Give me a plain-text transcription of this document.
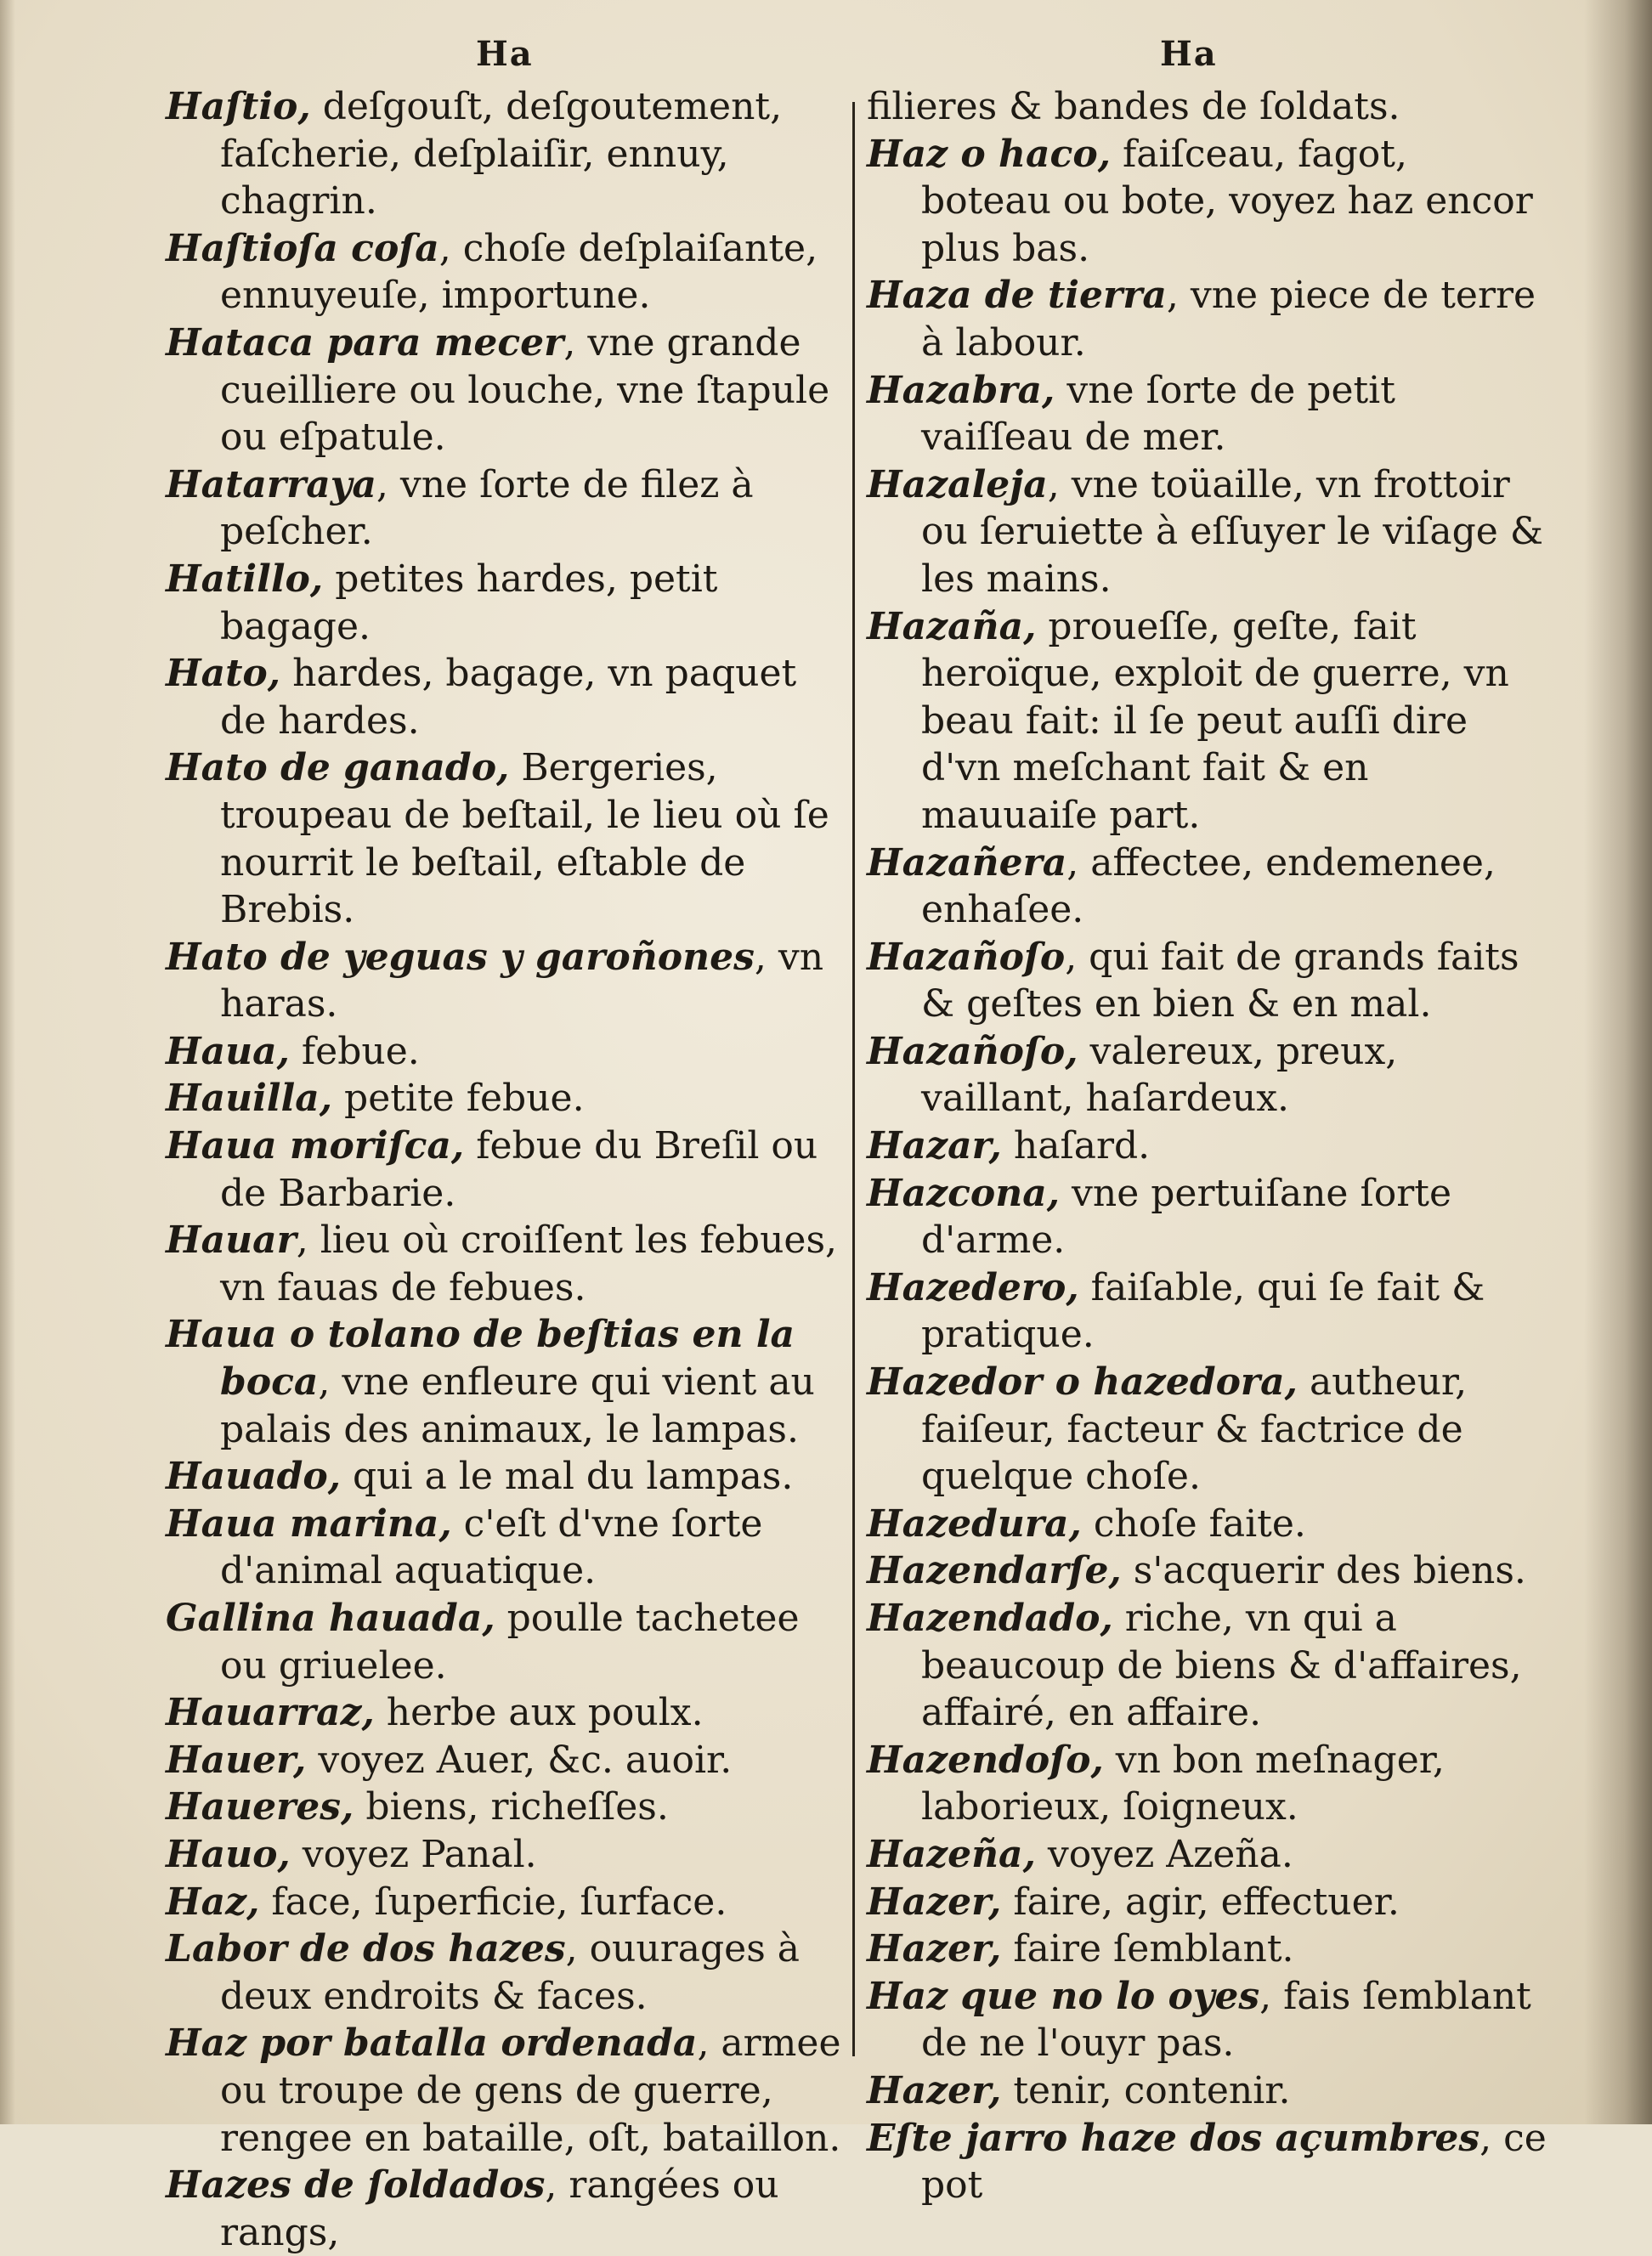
Ha	Ha

Haſtio, deſgouſt, deſgoutement, faſcherie, deſplaiſir, ennuy, chagrin.

Haſtioſa coſa, choſe deſplaiſante, ennuyeuſe, importune.

Hataca para mecer, vne grande cueilliere ou louche, vne ſtapule ou eſpatule.

Hatarraya, vne ſorte de filez à peſcher.

Hatillo, petites hardes, petit bagage.

Hato, hardes, bagage, vn paquet de hardes.

Hato de ganado, Bergeries, troupeau de beſtail, le lieu où ſe nourrit le beſtail, eſtable de Brebis.

Hato de yeguas y garoñones, vn haras.

Haua, febue.

Hauilla, petite febue.

Haua moriſca, febue du Breſil ou de Barbarie.

Hauar, lieu où croiſſent les febues, vn fauas de febues.

Haua o tolano de beſtias en la boca, vne enfleure qui vient au palais des animaux, le lampas.

Hauado, qui a le mal du lampas.

Haua marina, c'eſt d'vne ſorte d'animal aquatique.

Gallina hauada, poulle tachetee ou griuelee.

Hauarraz, herbe aux poulx.

Hauer, voyez Auer, &c. auoir.

Haueres, biens, richeſſes.

Hauo, voyez Panal.

Haz, face, ſuperficie, ſurface.

Labor de dos hazes, ouurages à deux endroits & faces.

Haz por batalla ordenada, armee ou troupe de gens de guerre, rengee en bataille, oſt, bataillon.

Hazes de ſoldados, rangées ou rangs,

filieres & bandes de ſoldats.

Haz o haco, faiſceau, fagot, boteau ou bote, voyez haz encor plus bas.

Haza de tierra, vne piece de terre à labour.

Hazabra, vne ſorte de petit vaiſſeau de mer.

Hazaleja, vne toüaille, vn frottoir ou ſeruiette à eſſuyer le viſage & les mains.

Hazaña, proueſſe, geſte, fait heroïque, exploit de guerre, vn beau fait: il ſe peut auſſi dire d'vn meſchant fait & en mauuaiſe part.

Hazañera, affectee, endemenee, enhaſee.

Hazañoſo, qui fait de grands faits & geſtes en bien & en mal.

Hazañoſo, valereux, preux, vaillant, haſardeux.

Hazar, haſard.

Hazcona, vne pertuiſane ſorte d'arme.

Hazedero, faiſable, qui ſe fait & pratique.

Hazedor o hazedora, autheur, faiſeur, facteur & factrice de quelque choſe.

Hazedura, choſe faite.

Hazendarſe, s'acquerir des biens.

Hazendado, riche, vn qui a beaucoup de biens & d'affaires, affairé, en affaire.

Hazendoſo, vn bon meſnager, laborieux, ſoigneux.

Hazeña, voyez Azeña.

Hazer, faire, agir, effectuer.

Hazer, faire ſemblant.

Haz que no lo oyes, fais ſemblant de ne l'ouyr pas.

Hazer, tenir, contenir.

Eſte jarro haze dos açumbres, ce pot
